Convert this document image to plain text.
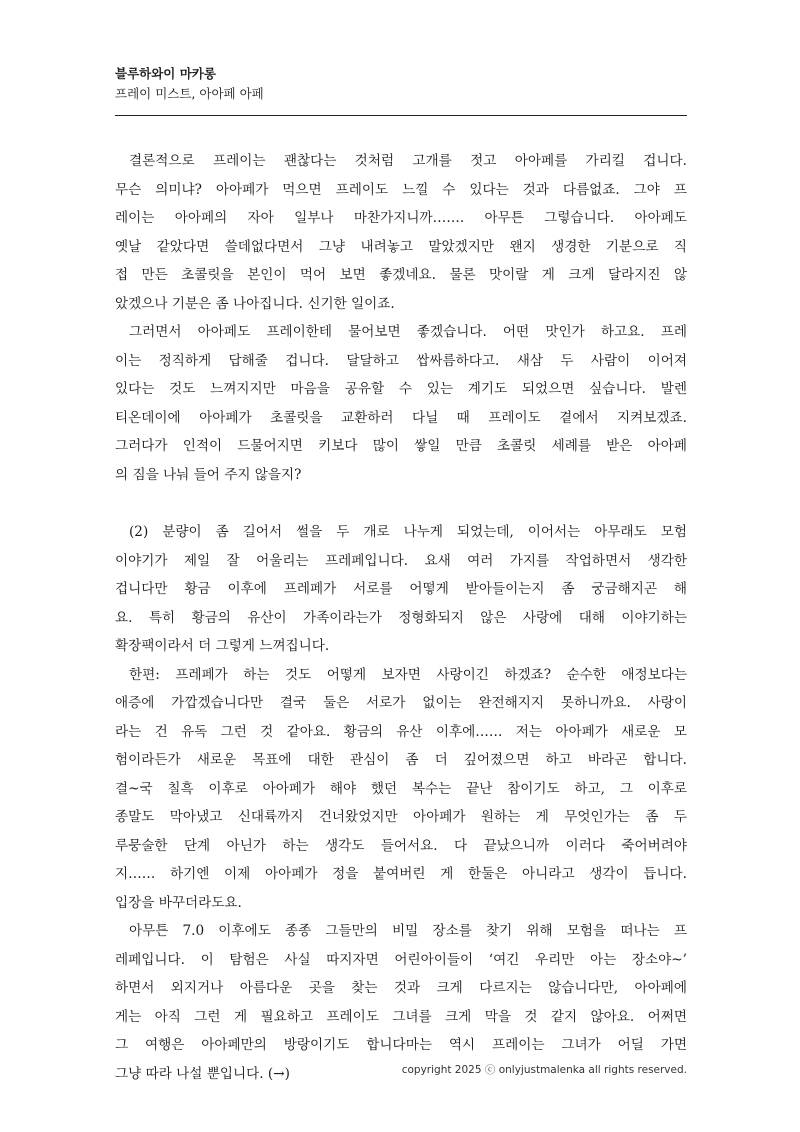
블루하와이 마카롱
프레이 미스트, 아아페 아페
결론적으로 프레이는 괜찮다는 것처럼 고개를 젓고 아아페를 가리킬 겁니다.
무슨 의미냐? 아아페가 먹으면 프레이도 느낄 수 있다는 것과 다름없죠. 그야 프
레이는 아아페의 자아 일부나 마찬가지니까……. 아무튼 그렇습니다. 아아페도
옛날 같았다면 쓸데없다면서 그냥 내려놓고 말았겠지만 왠지 생경한 기분으로 직
접 만든 초콜릿을 본인이 먹어 보면 좋겠네요. 물론 맛이랄 게 크게 달라지진 않
았겠으나 기분은 좀 나아집니다. 신기한 일이죠.
그러면서 아아페도 프레이한테 물어보면 좋겠습니다. 어떤 맛인가 하고요. 프레
이는 정직하게 답해줄 겁니다. 달달하고 쌉싸름하다고. 새삼 두 사람이 이어져
있다는 것도 느껴지지만 마음을 공유할 수 있는 계기도 되었으면 싶습니다. 발렌
티온데이에 아아페가 초콜릿을 교환하러 다닐 때 프레이도 곁에서 지켜보겠죠.
그러다가 인적이 드물어지면 키보다 많이 쌓일 만큼 초콜릿 세례를 받은 아아페
의 짐을 나눠 들어 주지 않을지?
(2) 분량이 좀 길어서 썰을 두 개로 나누게 되었는데, 이어서는 아무래도 모험
이야기가 제일 잘 어울리는 프레페입니다. 요새 여러 가지를 작업하면서 생각한
겁니다만 황금 이후에 프레페가 서로를 어떻게 받아들이는지 좀 궁금해지곤 해
요. 특히 황금의 유산이 가족이라는가 정형화되지 않은 사랑에 대해 이야기하는
확장팩이라서 더 그렇게 느껴집니다.
한편: 프레페가 하는 것도 어떻게 보자면 사랑이긴 하겠죠? 순수한 애정보다는
애증에 가깝겠습니다만 결국 둘은 서로가 없이는 완전해지지 못하니까요. 사랑이
라는 건 유독 그런 것 같아요. 황금의 유산 이후에…… 저는 아아페가 새로운 모
험이라든가 새로운 목표에 대한 관심이 좀 더 깊어졌으면 하고 바라곤 합니다.
결~국 칠흑 이후로 아아페가 해야 했던 복수는 끝난 참이기도 하고, 그 이후로
종말도 막아냈고 신대륙까지 건너왔었지만 아아페가 원하는 게 무엇인가는 좀 두
루뭉술한 단계 아닌가 하는 생각도 들어서요. 다 끝났으니까 이러다 죽어버려야
지…… 하기엔 이제 아아페가 정을 붙여버린 게 한둘은 아니라고 생각이 듭니다.
입장을 바꾸더라도요.
아무튼 7.0 이후에도 종종 그들만의 비밀 장소를 찾기 위해 모험을 떠나는 프
레페입니다. 이 탐험은 사실 따지자면 어린아이들이 ‘여긴 우리만 아는 장소야~’
하면서 외지거나 아름다운 곳을 찾는 것과 크게 다르지는 않습니다만, 아아페에
게는 아직 그런 게 필요하고 프레이도 그녀를 크게 막을 것 같지 않아요. 어쩌면
그 여행은 아아페만의 방랑이기도 합니다마는 역시 프레이는 그녀가 어딜 가면
그냥 따라 나설 뿐입니다. (→)	copyright 2025 ⓒ onlyjustmalenka all rights reserved.
